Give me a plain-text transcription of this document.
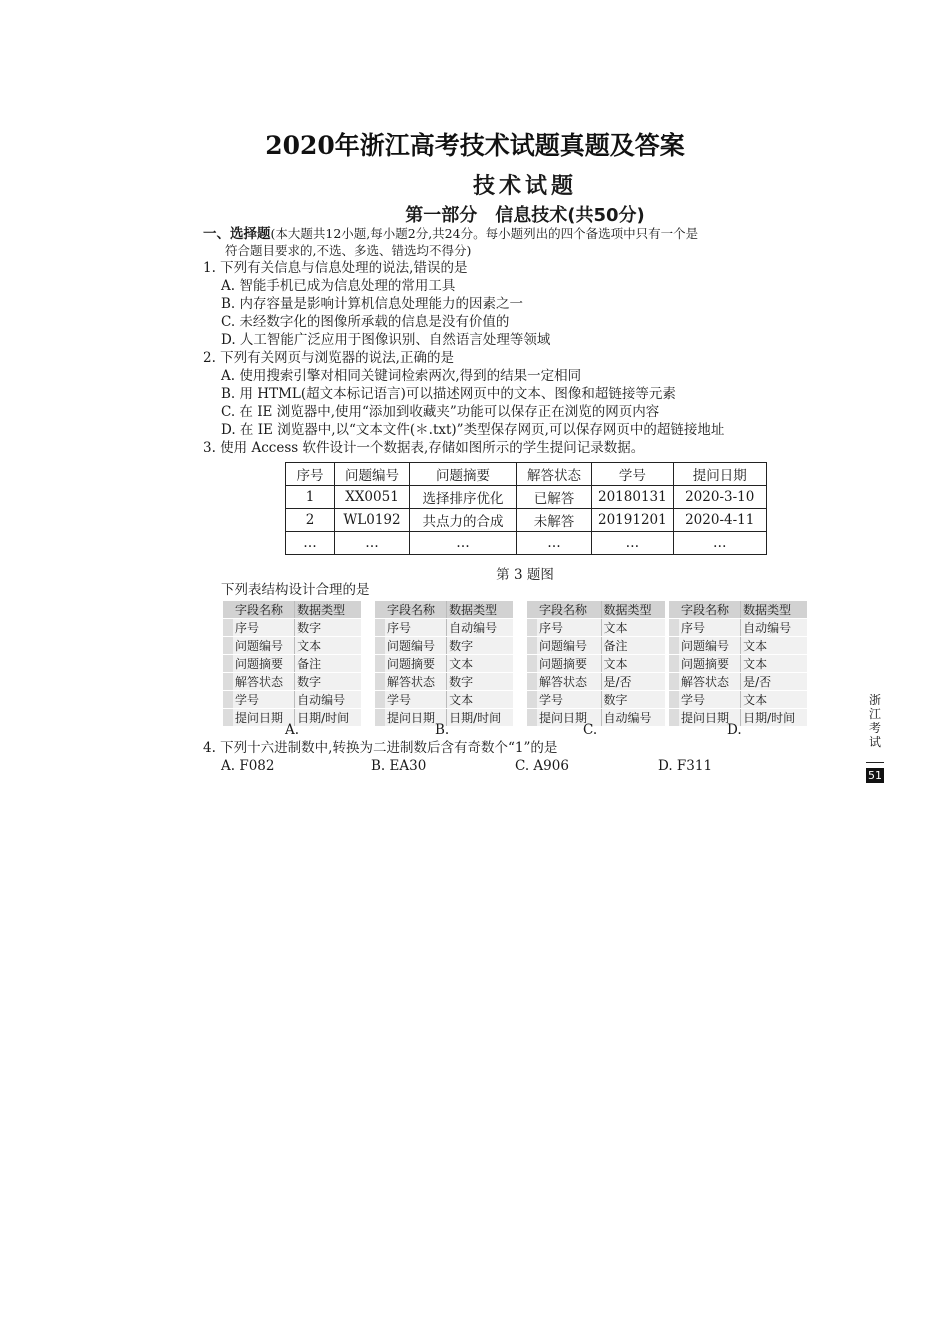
2020年浙江高考技术试题真题及答案
技术试题
第一部分　信息技术(共50分)
一、选择题(本大题共12小题,每小题2分,共24分。每小题列出的四个备选项中只有一个是
符合题目要求的,不选、多选、错选均不得分)
1. 下列有关信息与信息处理的说法,错误的是
A. 智能手机已成为信息处理的常用工具
B. 内存容量是影响计算机信息处理能力的因素之一
C. 未经数字化的图像所承载的信息是没有价值的
D. 人工智能广泛应用于图像识别、自然语言处理等领域
2. 下列有关网页与浏览器的说法,正确的是
A. 使用搜索引擎对相同关键词检索两次,得到的结果一定相同
B. 用 HTML(超文本标记语言)可以描述网页中的文本、图像和超链接等元素
C. 在 IE 浏览器中,使用“添加到收藏夹”功能可以保存正在浏览的网页内容
D. 在 IE 浏览器中,以“文本文件(＊.txt)”类型保存网页,可以保存网页中的超链接地址
3. 使用 Access 软件设计一个数据表,存储如图所示的学生提问记录数据。
序号	问题编号	问题摘要	解答状态	学号	提问日期
1	XX0051	选择排序优化	已解答	20180131	2020-3-10
2	WL0192	共点力的合成	未解答	20191201	2020-4-11
…	…	…	…	…	…
第 3 题图
下列表结构设计合理的是
	字段名称	数据类型
	序号	数字
	问题编号	文本
	问题摘要	备注
	解答状态	数字
	学号	自动编号
	提问日期	日期/时间
	字段名称	数据类型
	序号	自动编号
	问题编号	数字
	问题摘要	文本
	解答状态	数字
	学号	文本
	提问日期	日期/时间
	字段名称	数据类型
	序号	文本
	问题编号	备注
	问题摘要	文本
	解答状态	是/否
	学号	数字
	提问日期	自动编号
	字段名称	数据类型
	序号	自动编号
	问题编号	文本
	问题摘要	文本
	解答状态	是/否
	学号	文本
	提问日期	日期/时间
A.	B.	C.	D.
4. 下列十六进制数中,转换为二进制数后含有奇数个“1”的是
A. F082	B. EA30	C. A906	D. F311
浙江考试
51
